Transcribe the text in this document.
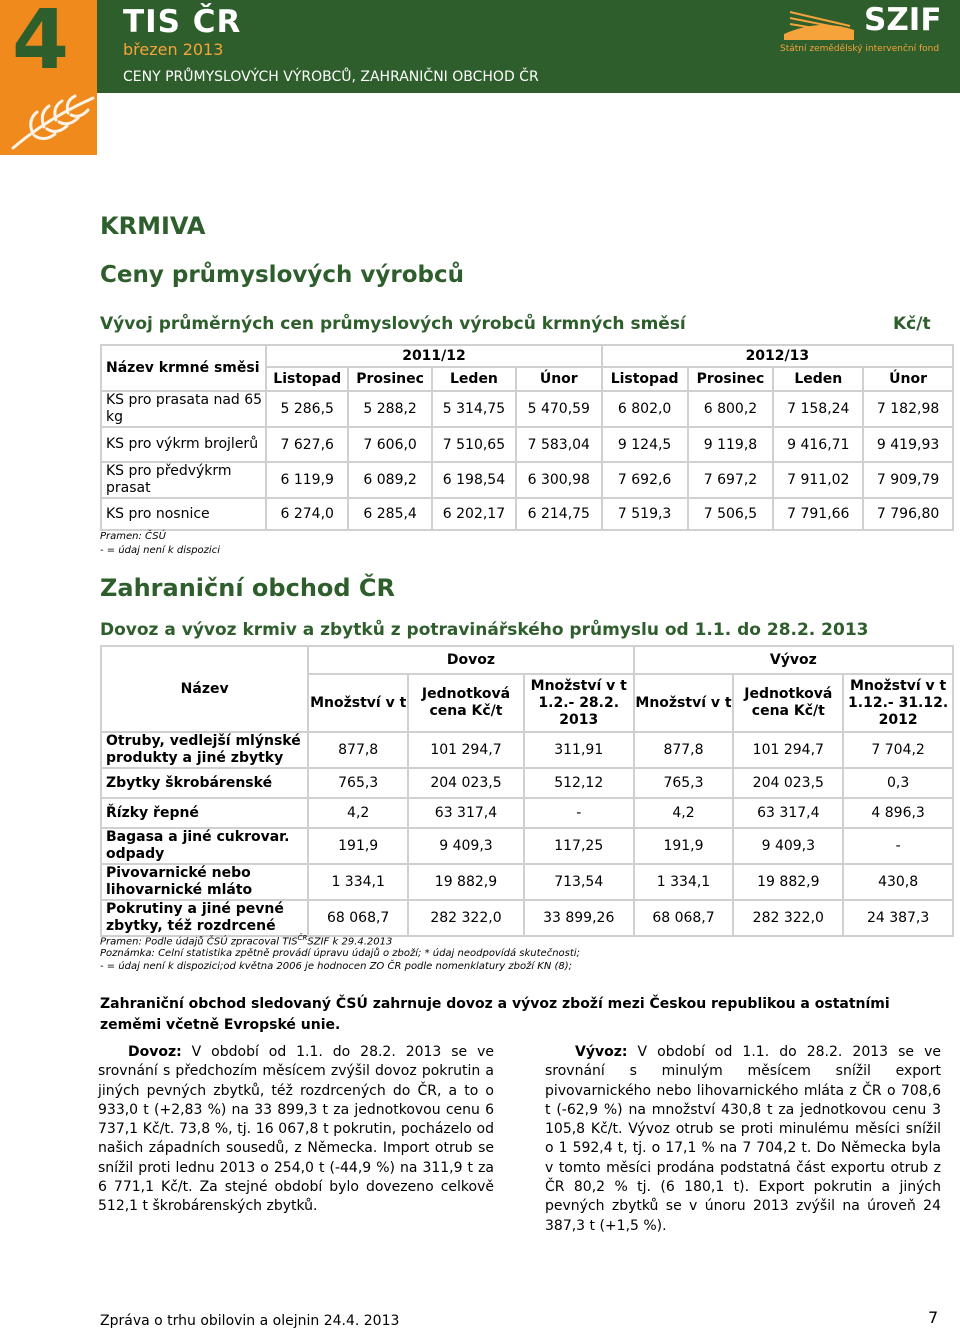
4 TIS ČR
březen 2013
CENY PRŮMYSLOVÝCH VÝROBCŮ, ZAHRANIČNI OBCHOD ČR
SZIF
Státní zemědělský intervenční fond
KRMIVA
Ceny průmyslových výrobců
Vývoj průměrných cen průmyslových výrobců krmných směsí	Kč/t
Název krmné směsi	2011/12				2012/13			
	Listopad	Prosinec	Leden	Únor	Listopad	Prosinec	Leden	Únor
KS pro prasata nad 65 kg	5 286,5	5 288,2	5 314,75	5 470,59	6 802,0	6 800,2	7 158,24	7 182,98
KS pro výkrm brojlerů	7 627,6	7 606,0	7 510,65	7 583,04	9 124,5	9 119,8	9 416,71	9 419,93
KS pro předvýkrm prasat	6 119,9	6 089,2	6 198,54	6 300,98	7 692,6	7 697,2	7 911,02	7 909,79
KS pro nosnice	6 274,0	6 285,4	6 202,17	6 214,75	7 519,3	7 506,5	7 791,66	7 796,80
Pramen: ČSÚ
- = údaj není k dispozici
Zahraniční obchod ČR
Dovoz a vývoz krmiv a zbytků z potravinářského průmyslu od 1.1. do 28.2. 2013
Název	Dovoz			Vývoz		
	Množství v t	Jednotková cena Kč/t	Množství v t 1.2.- 28.2. 2013	Množství v t	Jednotková cena Kč/t	Množství v t 1.12.- 31.12. 2012
Otruby, vedlejší mlýnské produkty a jiné zbytky	877,8	101 294,7	311,91	877,8	101 294,7	7 704,2
Zbytky škrobárenské	765,3	204 023,5	512,12	765,3	204 023,5	0,3
Řízky řepné	4,2	63 317,4	-	4,2	63 317,4	4 896,3
Bagasa a jiné cukrovar. odpady	191,9	9 409,3	117,25	191,9	9 409,3	-
Pivovarnické nebo lihovarnické mláto	1 334,1	19 882,9	713,54	1 334,1	19 882,9	430,8
Pokrutiny a jiné pevné zbytky, též rozdrcené	68 068,7	282 322,0	33 899,26	68 068,7	282 322,0	24 387,3
Pramen: Podle údajů ČSÚ zpracoval $TIS^{ČR}SZIF$ k 29.4.2013
Poznámka: Celní statistika zpětně provádí úpravu údajů o zboží; * údaj neodpovídá skutečnosti;
- = údaj není k dispozici;od května 2006 je hodnocen ZO ČR podle nomenklatury zboží KN (8);
Zahraniční obchod sledovaný ČSÚ zahrnuje dovoz a vývoz zboží mezi Českou republikou a ostatními zeměmi včetně Evropské unie.
Dovoz: V období od 1.1. do 28.2. 2013 se ve srovnání s předchozím měsícem zvýšil dovoz pokrutin a jiných pevných zbytků, též rozdrcených do ČR, a to o 933,0 t (+2,83 %) na 33 899,3 t za jednotkovou cenu 6 737,1 Kč/t. 73,8 %, tj. 16 067,8 t pokrutin, pocházelo od našich západních sousedů, z Německa. Import otrub se snížil proti lednu 2013 o 254,0 t (-44,9 %) na 311,9 t za 6 771,1 Kč/t. Za stejné období bylo dovezeno celkově 512,1 t škrobárenských zbytků.
Vývoz: V období od 1.1. do 28.2. 2013 se ve srovnání s minulým měsícem snížil export pivovarnického nebo lihovarnického mláta z ČR o 708,6 t (-62,9 %) na množství 430,8 t za jednotkovou cenu 3 105,8 Kč/t. Vývoz otrub se proti minulému měsíci snížil o 1 592,4 t, tj. o 17,1 % na 7 704,2 t. Do Německa byla v tomto měsíci prodána podstatná část exportu otrub z ČR 80,2 % tj. (6 180,1 t). Export pokrutin a jiných pevných zbytků se v únoru 2013 zvýšil na úroveň 24 387,3 t (+1,5 %).
Zpráva o trhu obilovin a olejnin 24.4. 2013	7
